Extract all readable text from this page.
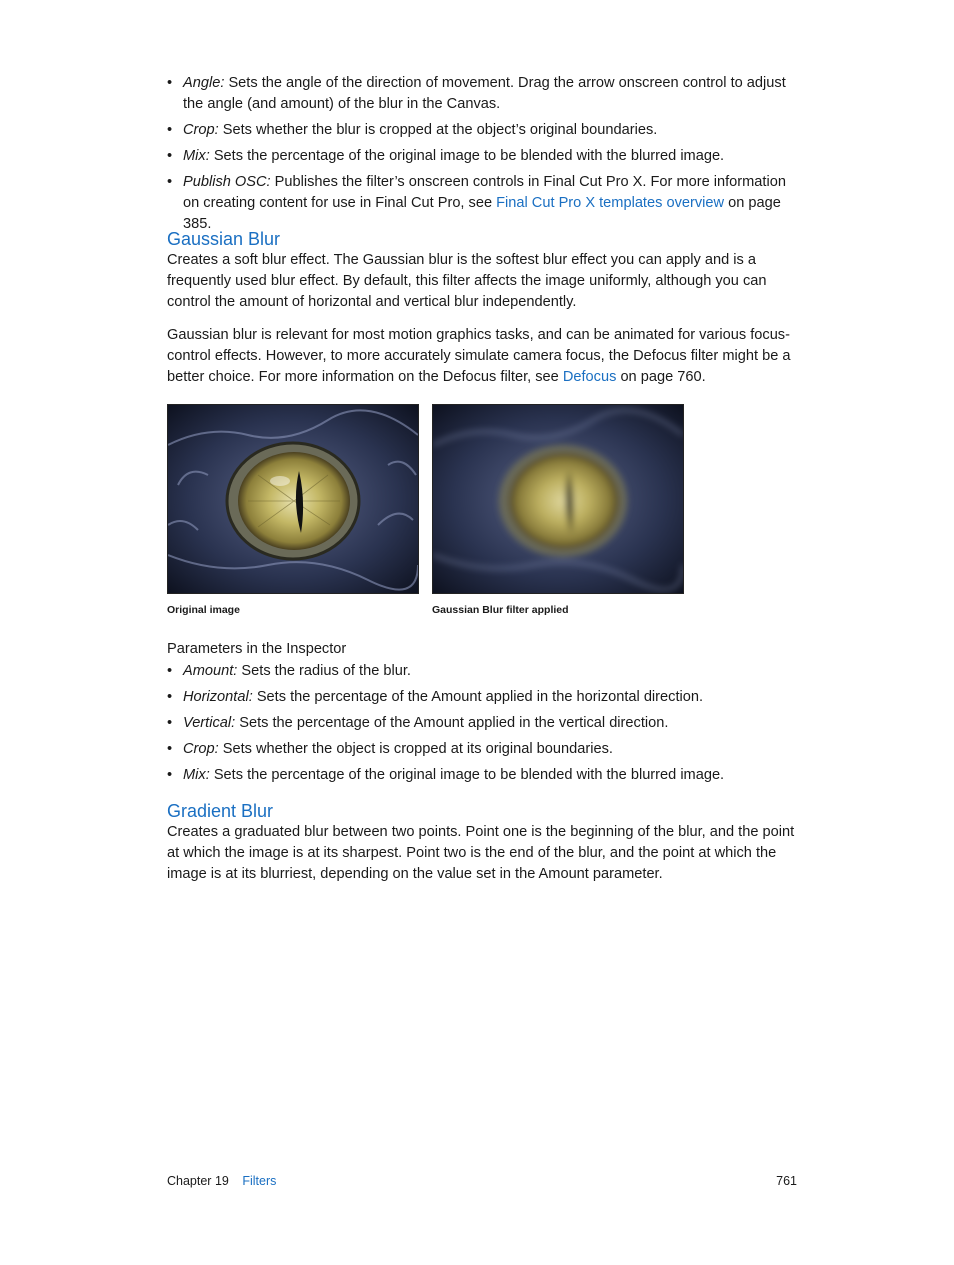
• Angle: Sets the angle of the direction of movement. Drag the arrow onscreen control to adjust the angle (and amount) of the blur in the Canvas.
• Crop: Sets whether the blur is cropped at the object’s original boundaries.
• Mix: Sets the percentage of the original image to be blended with the blurred image.
• Publish OSC: Publishes the filter’s onscreen controls in Final Cut Pro X. For more information on creating content for use in Final Cut Pro, see Final Cut Pro X templates overview on page 385.
Gaussian Blur

Creates a soft blur effect. The Gaussian blur is the softest blur effect you can apply and is a frequently used blur effect. By default, this filter affects the image uniformly, although you can control the amount of horizontal and vertical blur independently.

Gaussian blur is relevant for most motion graphics tasks, and can be animated for various focus-control effects. However, to more accurately simulate camera focus, the Defocus filter might be a better choice. For more information on the Defocus filter, see Defocus on page 760.

Original image	Gaussian Blur filter applied
Parameters in the Inspector
• Amount: Sets the radius of the blur.
• Horizontal: Sets the percentage of the Amount applied in the horizontal direction.
• Vertical: Sets the percentage of the Amount applied in the vertical direction.
• Crop: Sets whether the object is cropped at its original boundaries.
• Mix: Sets the percentage of the original image to be blended with the blurred image.
Gradient Blur

Creates a graduated blur between two points. Point one is the beginning of the blur, and the point at which the image is at its sharpest. Point two is the end of the blur, and the point at which the image is at its blurriest, depending on the value set in the Amount parameter.

Chapter 19 Filters	761
